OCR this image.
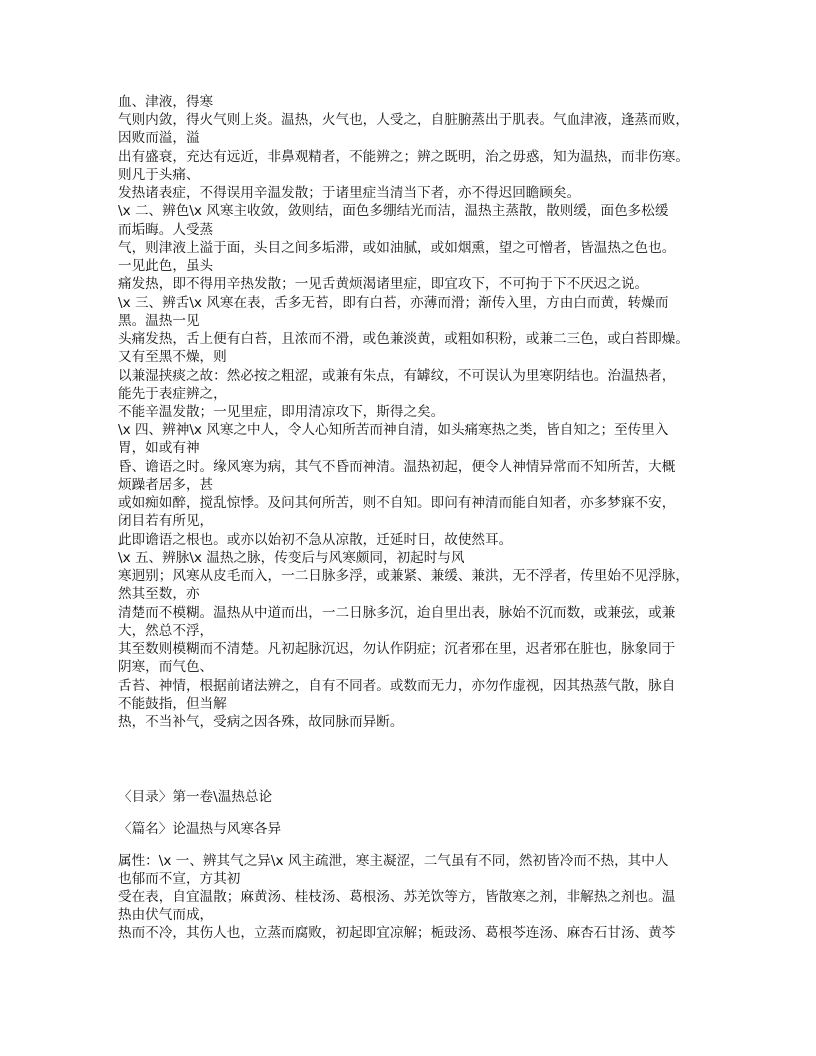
血、津液，得寒
气则内敛，得火气则上炎。温热，火气也，人受之，自脏腑蒸出于肌表。气血津液，逢蒸而败，
因败而溢，溢
出有盛衰，充达有远近，非鼻观精者，不能辨之；辨之既明，治之毋惑，知为温热，而非伤寒。
则凡于头痛、
发热诸表症，不得误用辛温发散；于诸里症当清当下者，亦不得迟回瞻顾矣。
\x 二、辨色\x 风寒主收敛，敛则结，面色多绷结光而洁，温热主蒸散，散则缓，面色多松缓
而垢晦。人受蒸
气，则津液上溢于面，头目之间多垢滞，或如油腻，或如烟熏，望之可憎者，皆温热之色也。
一见此色，虽头
痛发热，即不得用辛热发散；一见舌黄烦渴诸里症，即宜攻下，不可拘于下不厌迟之说。
\x 三、辨舌\x 风寒在表，舌多无苔，即有白苔，亦薄而滑；渐传入里，方由白而黄，转燥而
黑。温热一见
头痛发热，舌上便有白苔，且浓而不滑，或色兼淡黄，或粗如积粉，或兼二三色，或白苔即燥。
又有至黑不燥，则
以兼湿挟痰之故：然必按之粗涩，或兼有朱点，有罅纹，不可误认为里寒阴结也。治温热者，
能先于表症辨之，
不能辛温发散；一见里症，即用清凉攻下，斯得之矣。
\x 四、辨神\x 风寒之中人，令人心知所苦而神自清，如头痛寒热之类，皆自知之；至传里入
胃，如或有神
昏、谵语之时。缘风寒为病，其气不昏而神清。温热初起，便令人神情异常而不知所苦，大概
烦躁者居多，甚
或如痴如醉，搅乱惊悸。及问其何所苦，则不自知。即问有神清而能自知者，亦多梦寐不安，
闭目若有所见，
此即谵语之根也。或亦以始初不急从凉散，迁延时日，故使然耳。
\x 五、辨脉\x 温热之脉，传变后与风寒颇同，初起时与风
寒迥别；风寒从皮毛而入，一二日脉多浮，或兼紧、兼缓、兼洪，无不浮者，传里始不见浮脉，
然其至数，亦
清楚而不模糊。温热从中道而出，一二日脉多沉，迨自里出表，脉始不沉而数，或兼弦，或兼
大，然总不浮，
其至数则模糊而不清楚。凡初起脉沉迟，勿认作阴症；沉者邪在里，迟者邪在脏也，脉象同于
阴寒，而气色、
舌苔、神情，根据前诸法辨之，自有不同者。或数而无力，亦勿作虚视，因其热蒸气散，脉自
不能鼓指，但当解
热，不当补气，受病之因各殊，故同脉而异断。
〈目录〉第一卷\温热总论
〈篇名〉论温热与风寒各异
属性：\x 一、辨其气之异\x 风主疏泄，寒主凝涩，二气虽有不同，然初皆冷而不热，其中人
也郁而不宣，方其初
受在表，自宜温散；麻黄汤、桂枝汤、葛根汤、苏羌饮等方，皆散寒之剂，非解热之剂也。温
热由伏气而成，
热而不冷，其伤人也，立蒸而腐败，初起即宜凉解；栀豉汤、葛根芩连汤、麻杏石甘汤、黄芩
